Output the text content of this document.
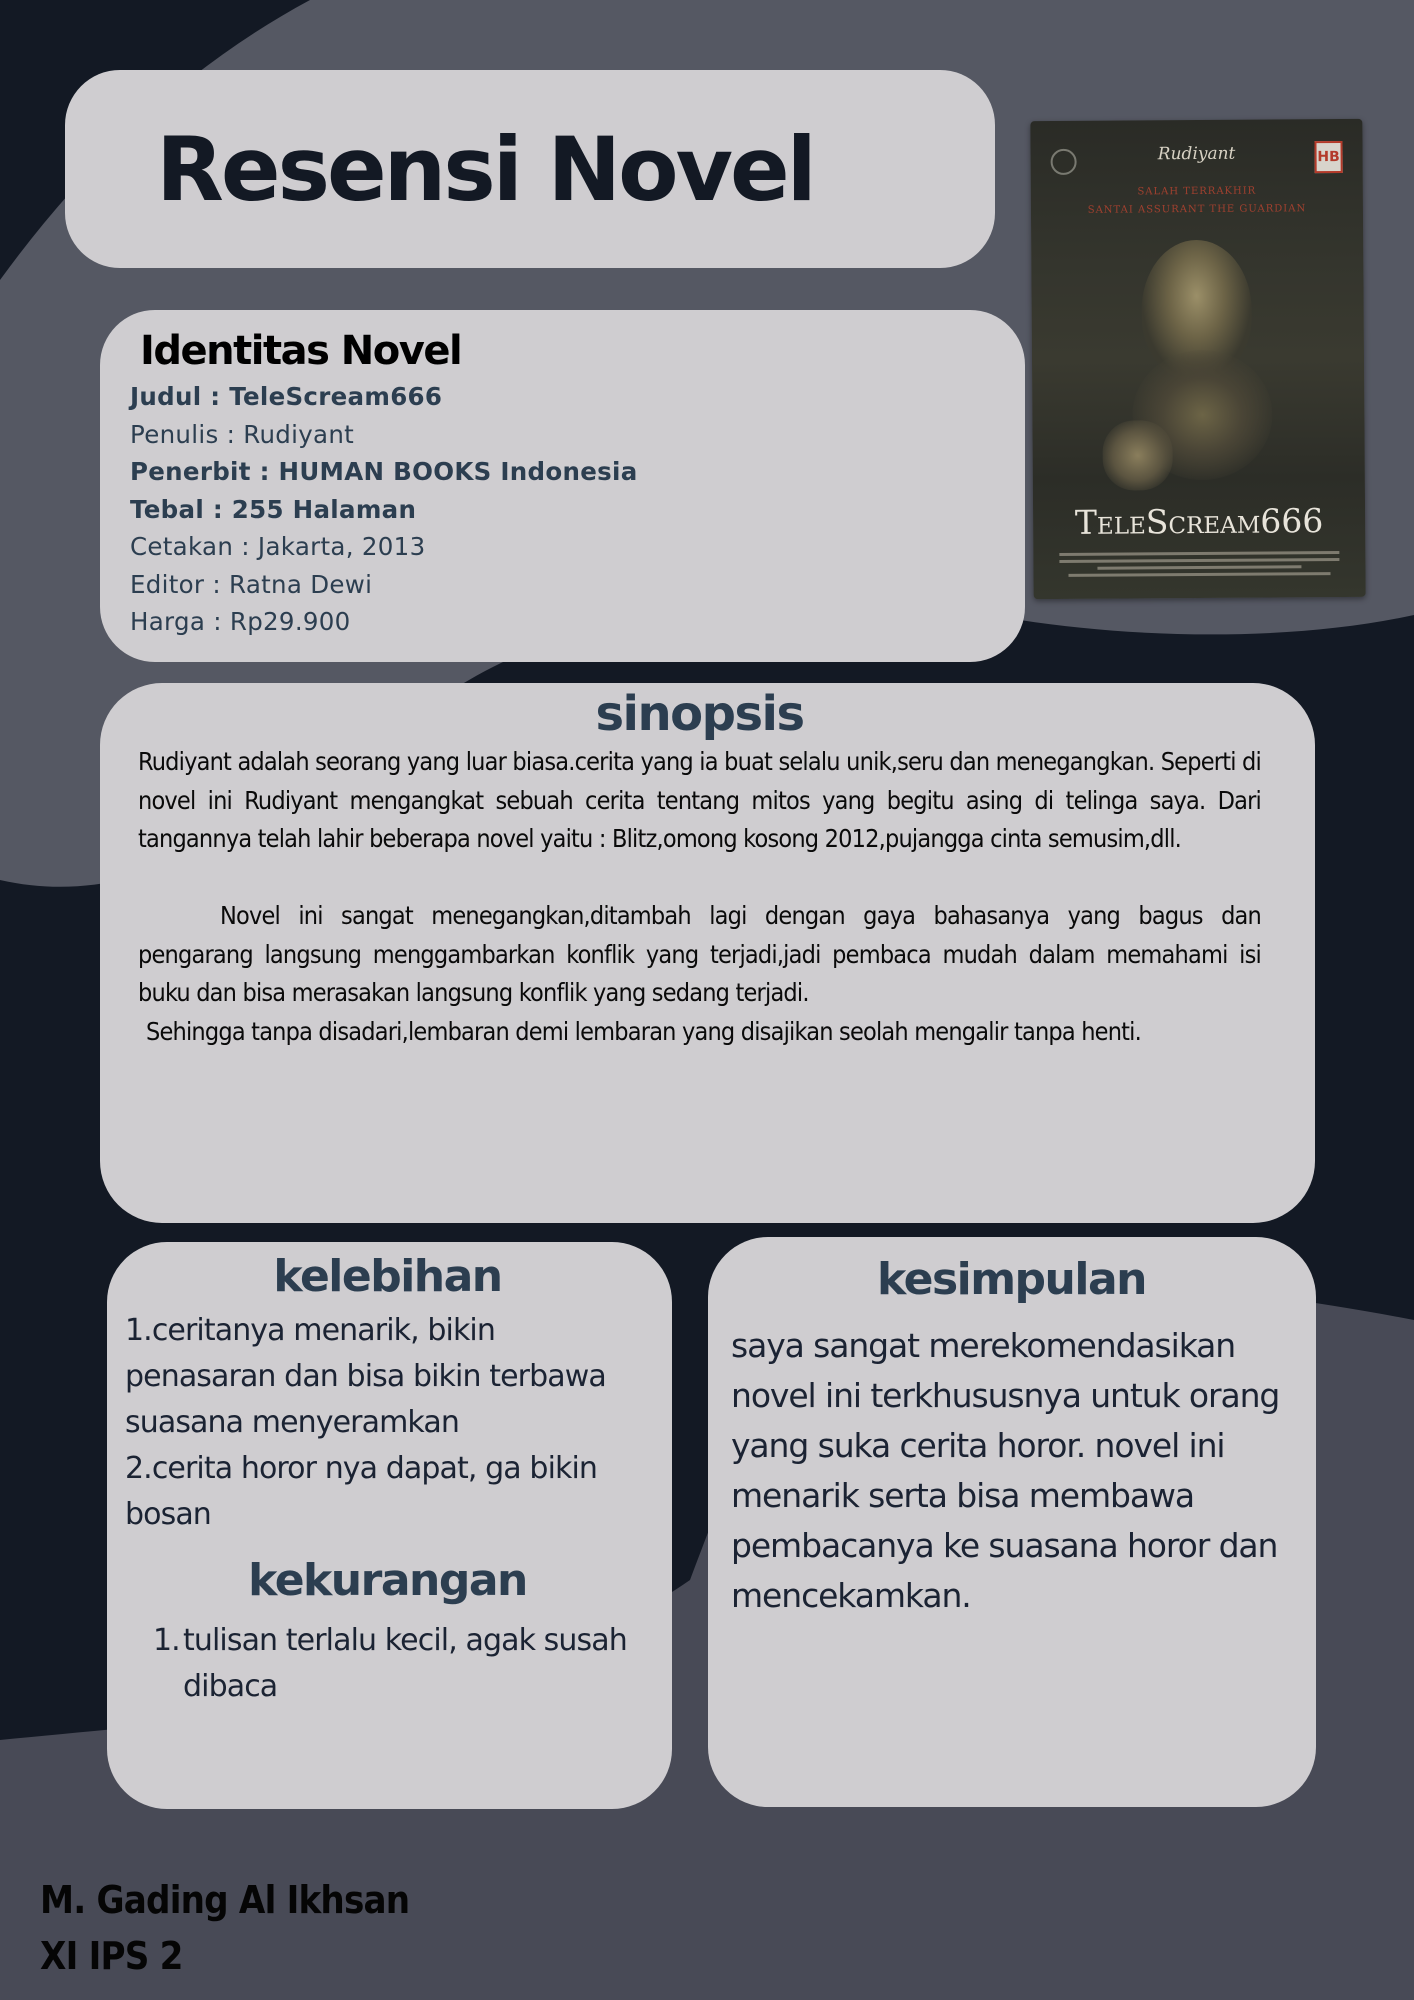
Resensi Novel	Rudiyant	HB
SALAH TERRAKHIR
SANTAI ASSURANT THE GUARDIAN
TeleScream666
Identitas Novel
Judul : TeleScream666
Penulis : Rudiyant
Penerbit : HUMAN BOOKS Indonesia
Tebal : 255 Halaman
Cetakan : Jakarta, 2013
Editor : Ratna Dewi
Harga : Rp29.900
sinopsis

Rudiyant adalah seorang yang luar biasa.cerita yang ia buat selalu unik,seru dan menegangkan. Seperti di novel ini Rudiyant mengangkat sebuah cerita tentang mitos yang begitu asing di telinga saya. Dari tangannya telah lahir beberapa novel yaitu : Blitz,omong kosong 2012,pujangga cinta semusim,dll.

Novel ini sangat menegangkan,ditambah lagi dengan gaya bahasanya yang bagus dan pengarang langsung menggambarkan konflik yang terjadi,jadi pembaca mudah dalam memahami isi buku dan bisa merasakan langsung konflik yang sedang terjadi.

Sehingga tanpa disadari,lembaran demi lembaran yang disajikan seolah mengalir tanpa henti.

kelebihan
1.ceritanya menarik, bikin penasaran dan bisa bikin terbawa suasana menyeramkan
2.cerita horor nya dapat, ga bikin bosan
kekurangan
1. tulisan terlalu kecil, agak susah dibaca
kesimpulan

saya sangat merekomendasikan novel ini terkhususnya untuk orang yang suka cerita horor. novel ini menarik serta bisa membawa pembacanya ke suasana horor dan mencekamkan.

M. Gading Al Ikhsan
XI IPS 2
